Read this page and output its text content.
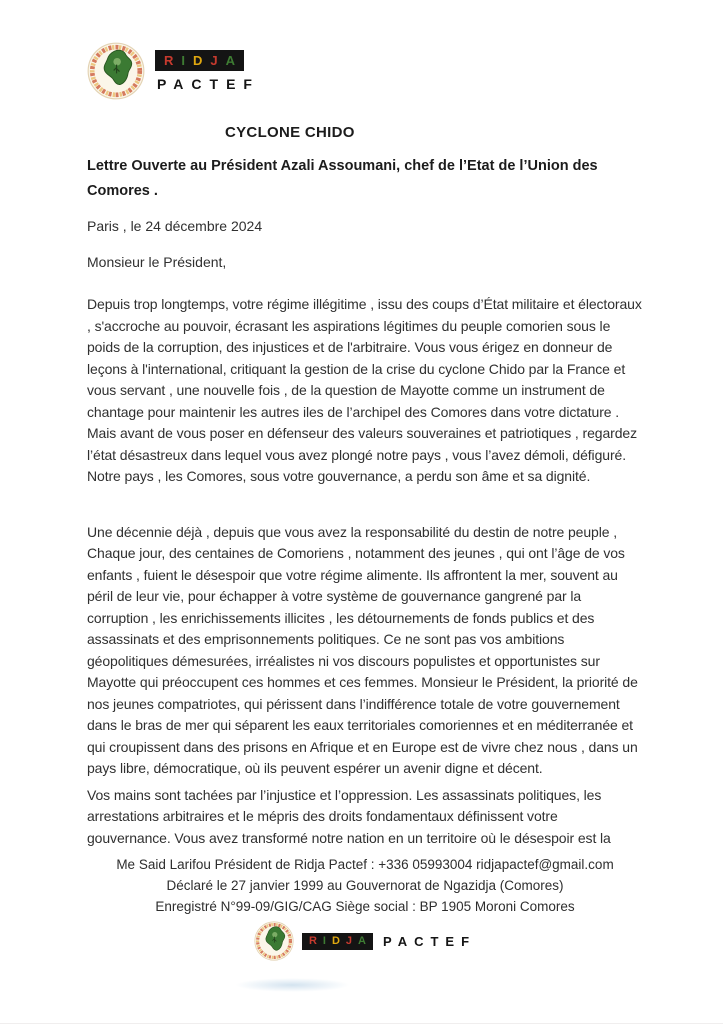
R I D J A
PACTEF
CYCLONE CHIDO
Lettre Ouverte au Président Azali Assoumani, chef de l’Etat de l’Union des Comores .

Paris , le 24 décembre 2024

Monsieur le Président,

Depuis trop longtemps, votre régime illégitime , issu des coups d’État militaire et électoraux , s'accroche au pouvoir, écrasant les aspirations légitimes du peuple comorien sous le poids de la corruption, des injustices et de l'arbitraire. Vous vous érigez en donneur de leçons à l'international, critiquant la gestion de la crise du cyclone Chido par la France et vous servant , une nouvelle fois , de la question de Mayotte comme un instrument de chantage pour maintenir les autres iles de l’archipel des Comores dans votre dictature . Mais avant de vous poser en défenseur des valeurs souveraines et patriotiques , regardez l’état désastreux dans lequel vous avez plongé notre pays , vous l’avez démoli, défiguré. Notre pays , les Comores, sous votre gouvernance, a perdu son âme et sa dignité.

Une décennie déjà , depuis que vous avez la responsabilité du destin de notre peuple , Chaque jour, des centaines de Comoriens , notamment des jeunes , qui ont l’âge de vos enfants , fuient le désespoir que votre régime alimente. Ils affrontent la mer, souvent au péril de leur vie, pour échapper à votre système de gouvernance gangrené par la corruption , les enrichissements illicites , les détournements de fonds publics et des assassinats et des emprisonnements politiques. Ce ne sont pas vos ambitions géopolitiques démesurées, irréalistes ni vos discours populistes et opportunistes sur Mayotte qui préoccupent ces hommes et ces femmes. Monsieur le Président, la priorité de nos jeunes compatriotes, qui périssent dans l’indifférence totale de votre gouvernement dans le bras de mer qui séparent les eaux territoriales comoriennes et en méditerranée et qui croupissent dans des prisons en Afrique et en Europe est de vivre chez nous , dans un pays libre, démocratique, où ils peuvent espérer un avenir digne et décent.

Vos mains sont tachées par l’injustice et l’oppression. Les assassinats politiques, les arrestations arbitraires et le mépris des droits fondamentaux définissent votre gouvernance. Vous avez transformé notre nation en un territoire où le désespoir est la

Me Said Larifou Président de Ridja Pactef : +336 05993004 ridjapactef@gmail.com
Déclaré le 27 janvier 1999 au Gouvernorat de Ngazidja (Comores)
Enregistré N°99-09/GIG/CAG Siège social : BP 1905 Moroni Comores
R I D J A PACTEF
